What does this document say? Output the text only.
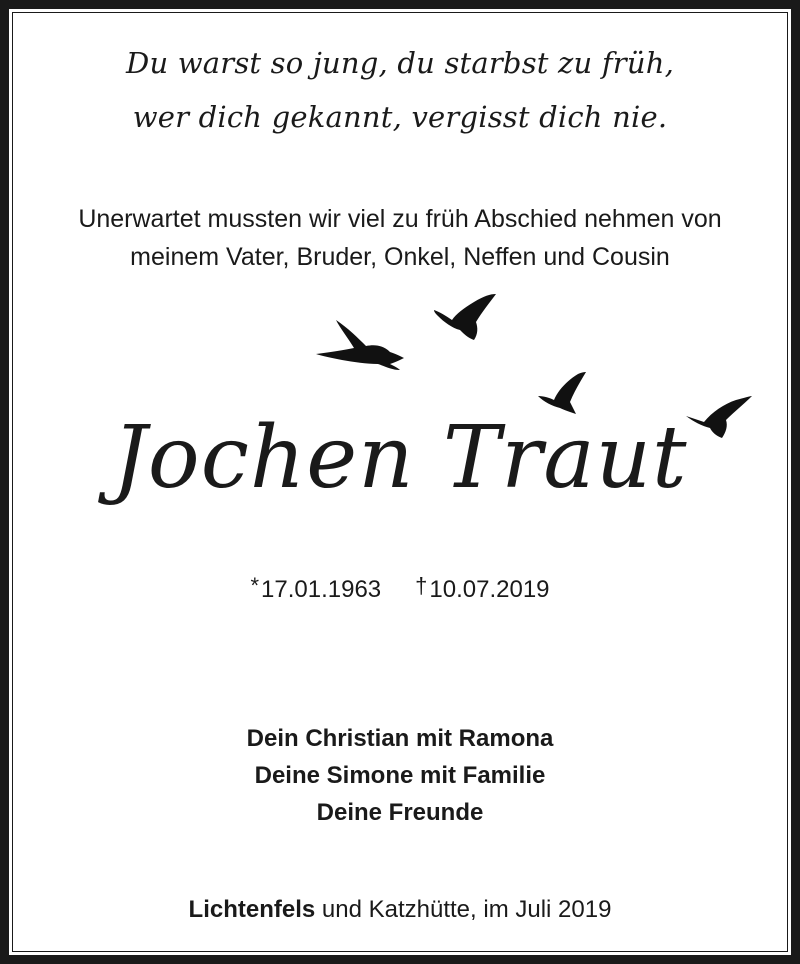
Du warst so jung, du starbst zu früh,
wer dich gekannt, vergisst dich nie.
Unerwartet mussten wir viel zu früh Abschied nehmen von
meinem Vater, Bruder, Onkel, Neffen und Cousin
Jochen Traut
*17.01.1963 †10.07.2019
Dein Christian mit Ramona
Deine Simone mit Familie
Deine Freunde
Lichtenfels und Katzhütte, im Juli 2019
